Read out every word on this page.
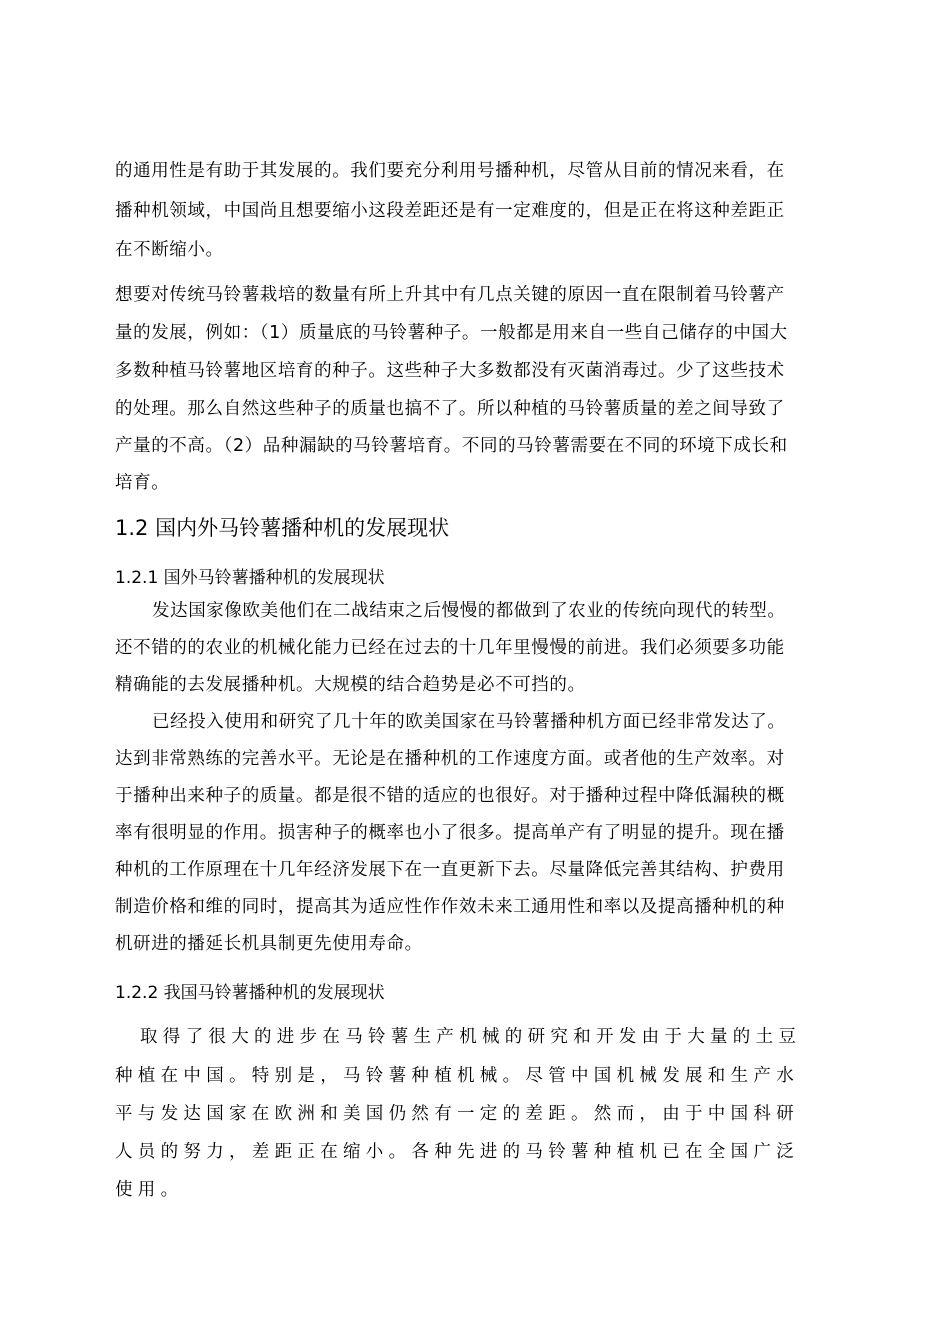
的通用性是有助于其发展的。我们要充分利用号播种机，尽管从目前的情况来看，在
播种机领域，中国尚且想要缩小这段差距还是有一定难度的，但是正在将这种差距正
在不断缩小。
想要对传统马铃薯栽培的数量有所上升其中有几点关键的原因一直在限制着马铃薯产
量的发展，例如：（1）质量底的马铃薯种子。一般都是用来自一些自己储存的中国大
多数种植马铃薯地区培育的种子。这些种子大多数都没有灭菌消毒过。少了这些技术
的处理。那么自然这些种子的质量也搞不了。所以种植的马铃薯质量的差之间导致了
产量的不高。（2）品种漏缺的马铃薯培育。不同的马铃薯需要在不同的环境下成长和
培育。
1.2 国内外马铃薯播种机的发展现状
1.2.1 国外马铃薯播种机的发展现状
发达国家像欧美他们在二战结束之后慢慢的都做到了农业的传统向现代的转型。
还不错的的农业的机械化能力已经在过去的十几年里慢慢的前进。我们必须要多功能
精确能的去发展播种机。大规模的结合趋势是必不可挡的。
已经投入使用和研究了几十年的欧美国家在马铃薯播种机方面已经非常发达了。
达到非常熟练的完善水平。无论是在播种机的工作速度方面。或者他的生产效率。对
于播种出来种子的质量。都是很不错的适应的也很好。对于播种过程中降低漏秧的概
率有很明显的作用。损害种子的概率也小了很多。提高单产有了明显的提升。现在播
种机的工作原理在十几年经济发展下在一直更新下去。尽量降低完善其结构、护费用
制造价格和维的同时，提高其为适应性作作效未来工通用性和率以及提高播种机的种
机研进的播延长机具制更先使用寿命。
1.2.2 我国马铃薯播种机的发展现状
取得了很大的进步在马铃薯生产机械的研究和开发由于大量的土豆
种植在中国。特别是，马铃薯种植机械。尽管中国机械发展和生产水
平与发达国家在欧洲和美国仍然有一定的差距。然而，由于中国科研
人员的努力，差距正在缩小。各种先进的马铃薯种植机已在全国广泛
使用。
